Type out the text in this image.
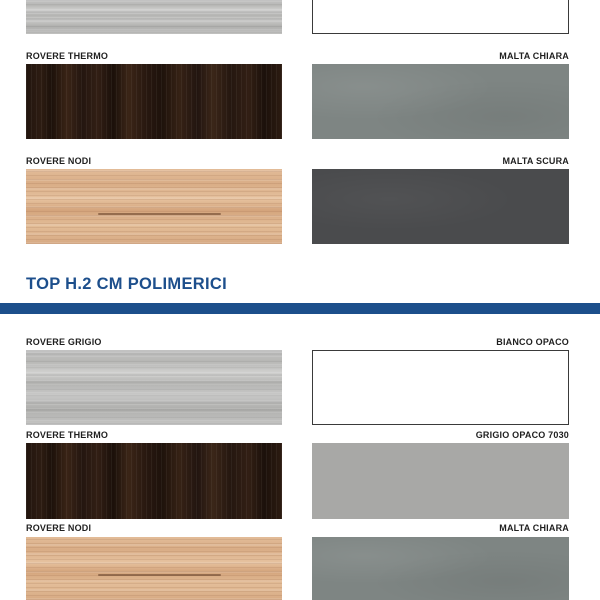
ROVERE THERMO	MALTA CHIARA
ROVERE NODI	MALTA SCURA
TOP H.2 CM POLIMERICI
ROVERE GRIGIO	BIANCO OPACO
ROVERE THERMO	GRIGIO OPACO 7030
ROVERE NODI	MALTA CHIARA
